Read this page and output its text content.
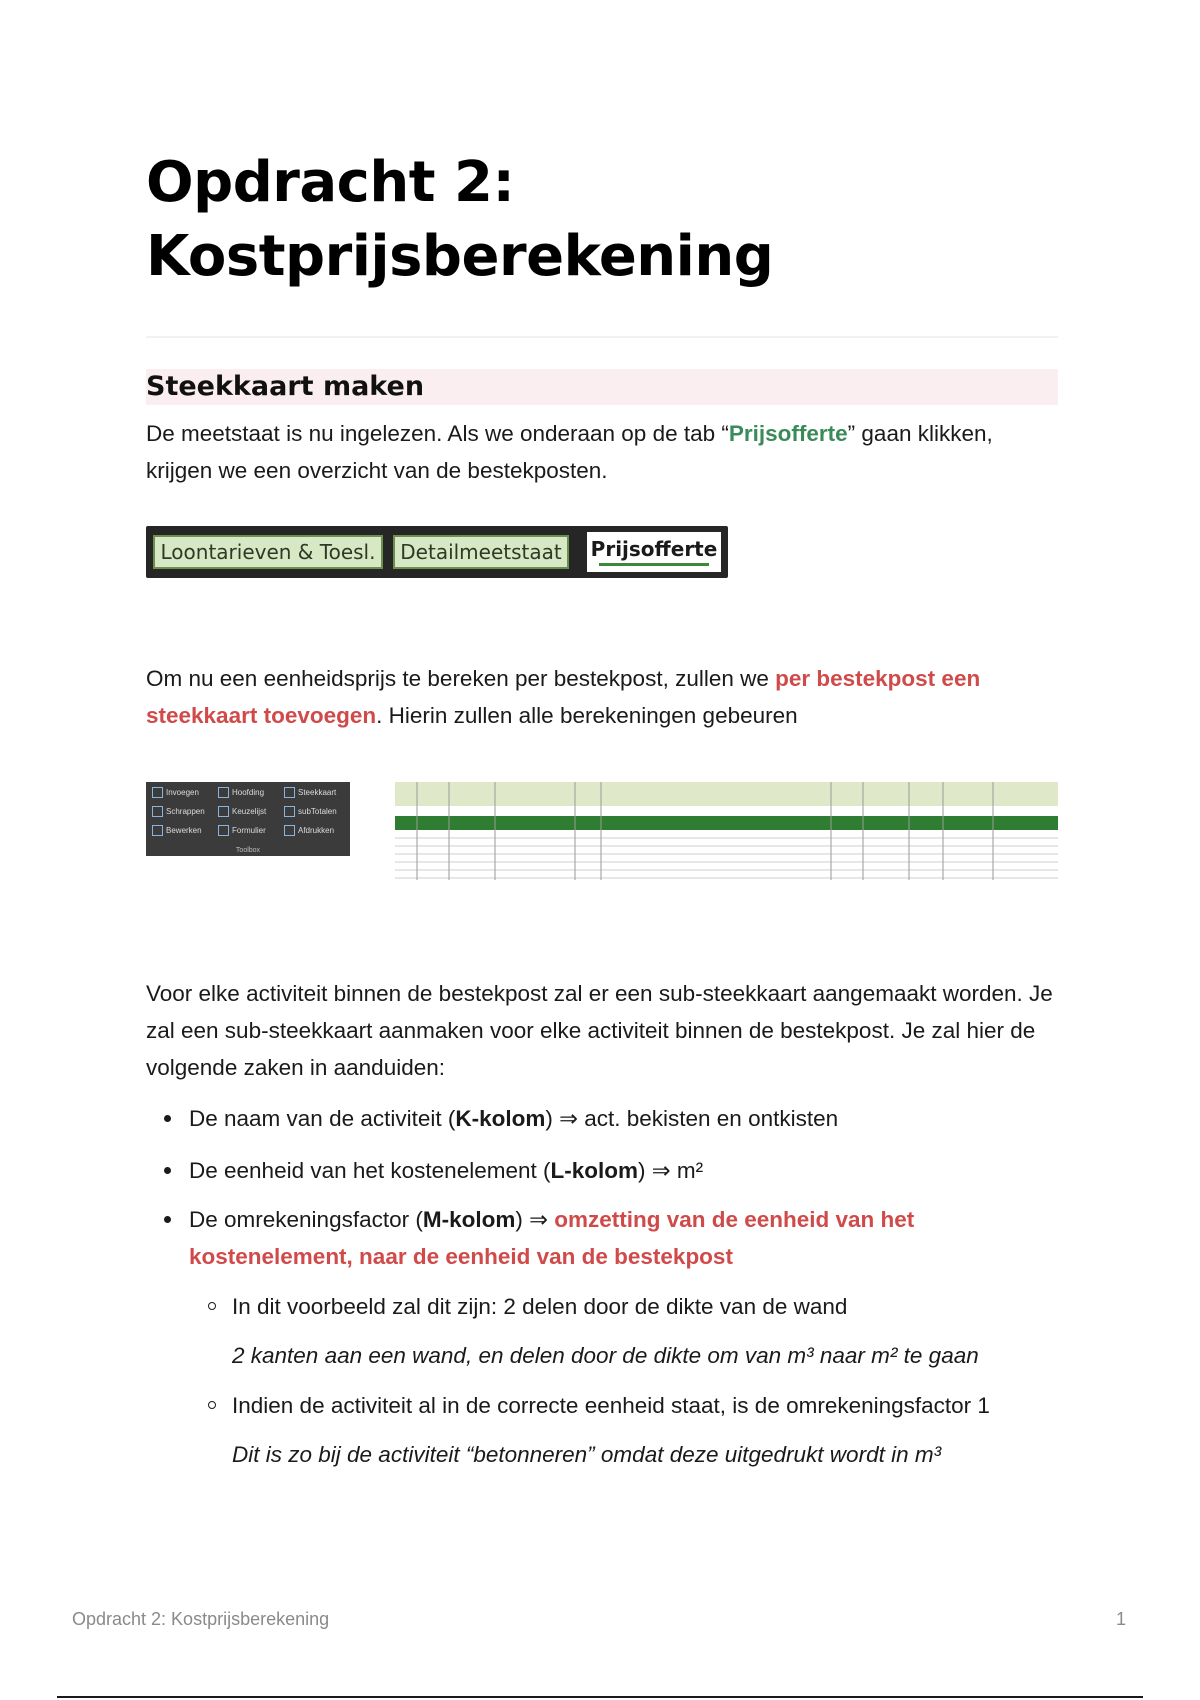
Opdracht 2:
Kostprijsberekening
Steekkaart maken

De meetstaat is nu ingelezen. Als we onderaan op de tab “Prijsofferte” gaan klikken, krijgen we een overzicht van de bestekposten.

Loontarieven & Toesl.	Detailmeetstaat	Prijsofferte

Om nu een eenheidsprijs te bereken per bestekpost, zullen we per bestekpost een steekkaart toevoegen. Hierin zullen alle berekeningen gebeuren

Invoegen	Hoofding	Steekkaart
Schrappen	Keuzelijst	subTotalen
Bewerken	Formulier	Afdrukken
Toolbox

Voor elke activiteit binnen de bestekpost zal er een sub-steekkaart aangemaakt worden. Je zal een sub-steekkaart aanmaken voor elke activiteit binnen de bestekpost. Je zal hier de volgende zaken in aanduiden:

De naam van de activiteit (K-kolom) ⇒ act. bekisten en ontkisten
De eenheid van het kostenelement (L-kolom) ⇒ m²
De omrekeningsfactor (M-kolom) ⇒ omzetting van de eenheid van het kostenelement, naar de eenheid van de bestekpost
In dit voorbeeld zal dit zijn: 2 delen door de dikte van de wand
2 kanten aan een wand, en delen door de dikte om van m³ naar m² te gaan
Indien de activiteit al in de correcte eenheid staat, is de omrekeningsfactor 1
Dit is zo bij de activiteit “betonneren” omdat deze uitgedrukt wordt in m³
Opdracht 2: Kostprijsberekening	1
